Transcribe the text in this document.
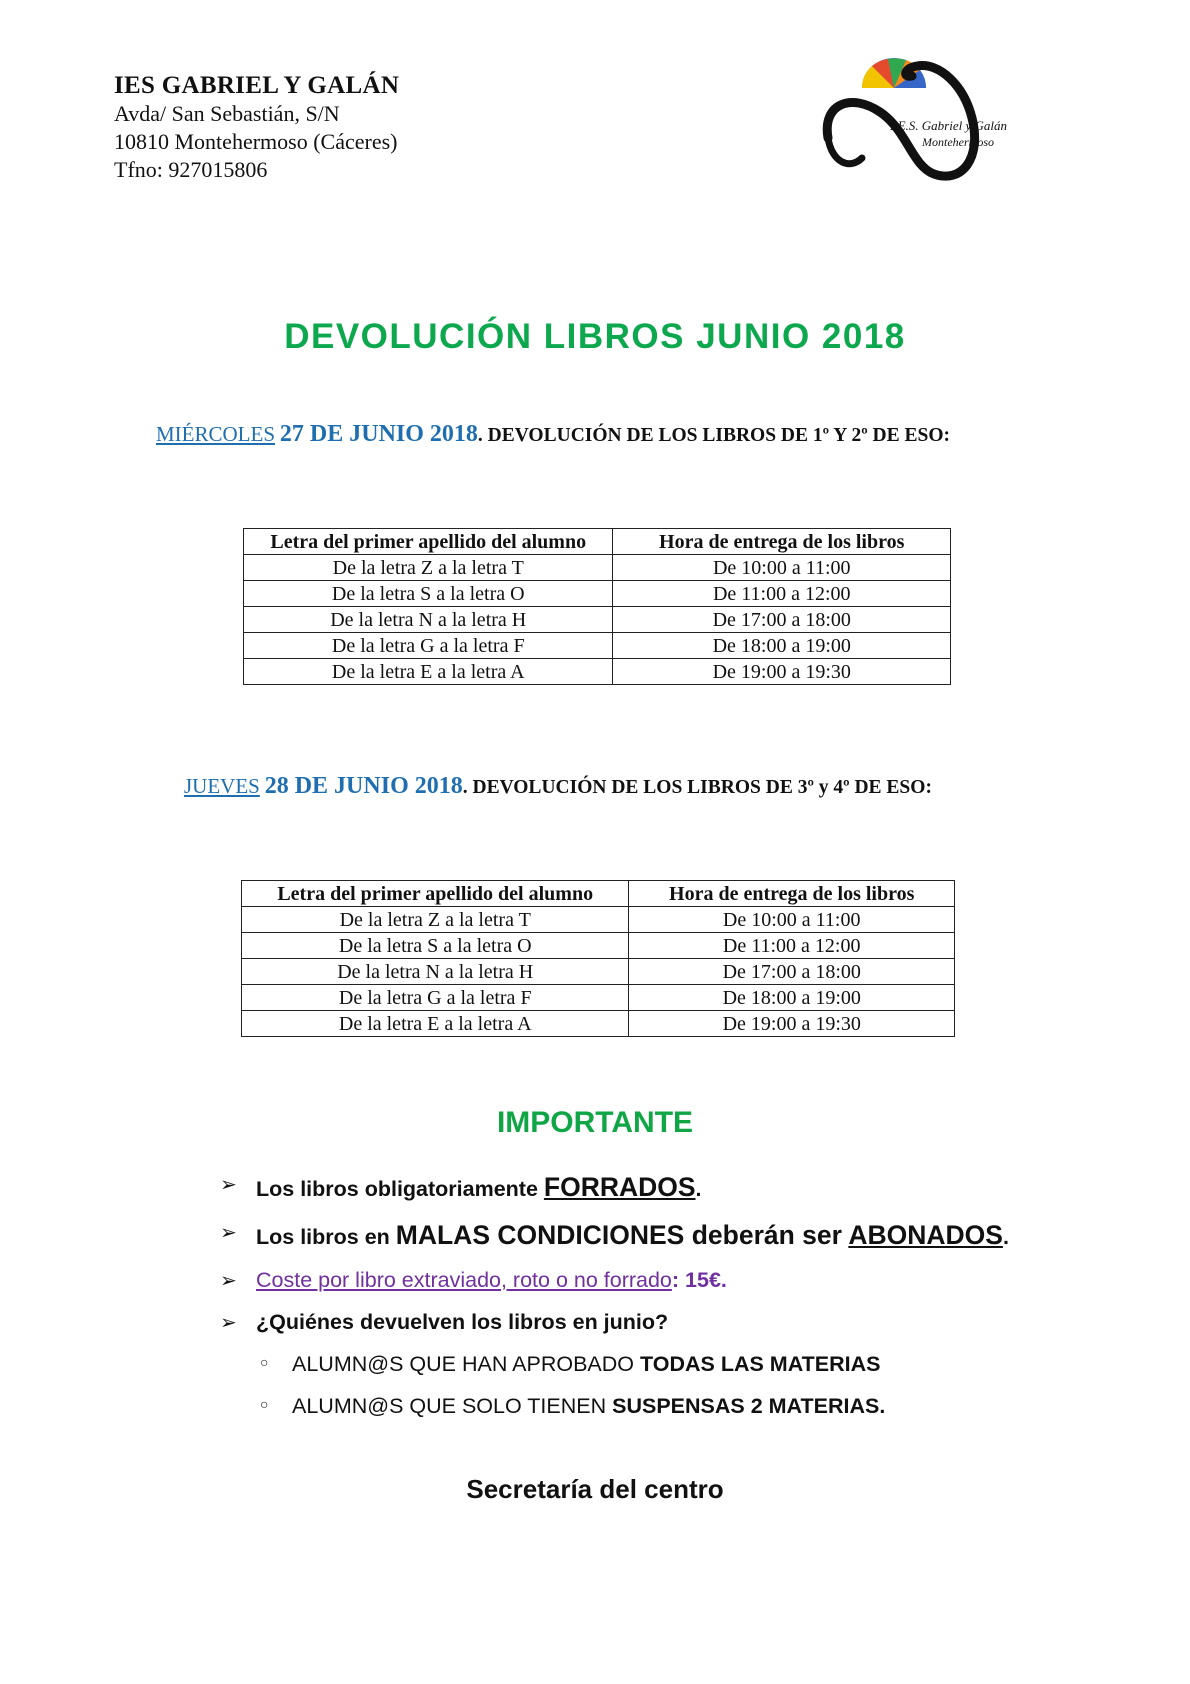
IES GABRIEL Y GALÁN
Avda/ San Sebastián, S/N
10810 Montehermoso (Cáceres)
Tfno: 927015806
I.E.S. Gabriel y Galán
Montehermoso
DEVOLUCIÓN LIBROS JUNIO 2018
MIÉRCOLES 27 DE JUNIO 2018. DEVOLUCIÓN DE LOS LIBROS DE 1º Y 2º DE ESO:
Letra del primer apellido del alumno	Hora de entrega de los libros
De la letra Z a la letra T	De 10:00 a 11:00
De la letra S a la letra O	De 11:00 a 12:00
De la letra N a la letra H	De 17:00 a 18:00
De la letra G a la letra F	De 18:00 a 19:00
De la letra E a la letra A	De 19:00 a 19:30
JUEVES 28 DE JUNIO 2018. DEVOLUCIÓN DE LOS LIBROS DE 3º y 4º DE ESO:
Letra del primer apellido del alumno	Hora de entrega de los libros
De la letra Z a la letra T	De 10:00 a 11:00
De la letra S a la letra O	De 11:00 a 12:00
De la letra N a la letra H	De 17:00 a 18:00
De la letra G a la letra F	De 18:00 a 19:00
De la letra E a la letra A	De 19:00 a 19:30
IMPORTANTE
➢ Los libros obligatoriamente FORRADOS.
➢ Los libros en MALAS CONDICIONES deberán ser ABONADOS.
➢ Coste por libro extraviado, roto o no forrado: 15€.
➢ ¿Quiénes devuelven los libros en junio?
○ ALUMN@S QUE HAN APROBADO TODAS LAS MATERIAS
○ ALUMN@S QUE SOLO TIENEN SUSPENSAS 2 MATERIAS.
Secretaría del centro
